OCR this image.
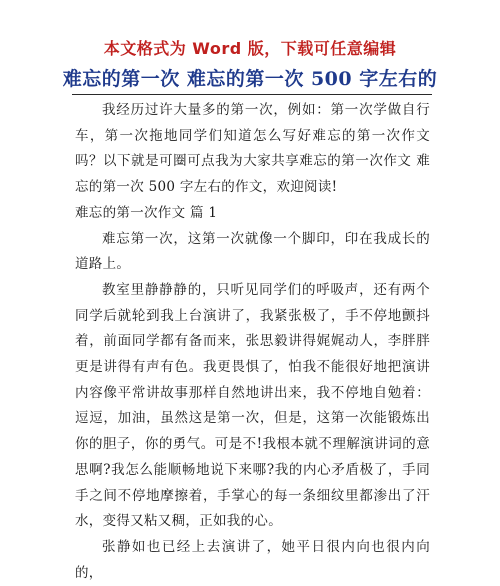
本文格式为 Word 版，下载可任意编辑
难忘的第一次 难忘的第一次 500 字左右的

我经历过许大量多的第一次，例如：第一次学做自行车，第一次拖地同学们知道怎么写好难忘的第一次作文吗？以下就是可圈可点我为大家共享难忘的第一次作文 难忘的第一次 500 字左右的作文，欢迎阅读!

难忘的第一次作文 篇 1

难忘第一次，这第一次就像一个脚印，印在我成长的道路上。

教室里静静静的，只听见同学们的呼吸声，还有两个同学后就轮到我上台演讲了，我紧张极了，手不停地颤抖着，前面同学都有备而来，张思毅讲得娓娓动人，李胖胖更是讲得有声有色。我更畏惧了，怕我不能很好地把演讲内容像平常讲故事那样自然地讲出来，我不停地自勉着：逗逗，加油，虽然这是第一次，但是，这第一次能锻炼出你的胆子，你的勇气。可是不!我根本就不理解演讲词的意思啊?我怎么能顺畅地说下来哪?我的内心矛盾极了，手同手之间不停地摩擦着，手掌心的每一条细纹里都渗出了汗水，变得又粘又稠，正如我的心。

张静如也已经上去演讲了，她平日很内向也很内向的，
